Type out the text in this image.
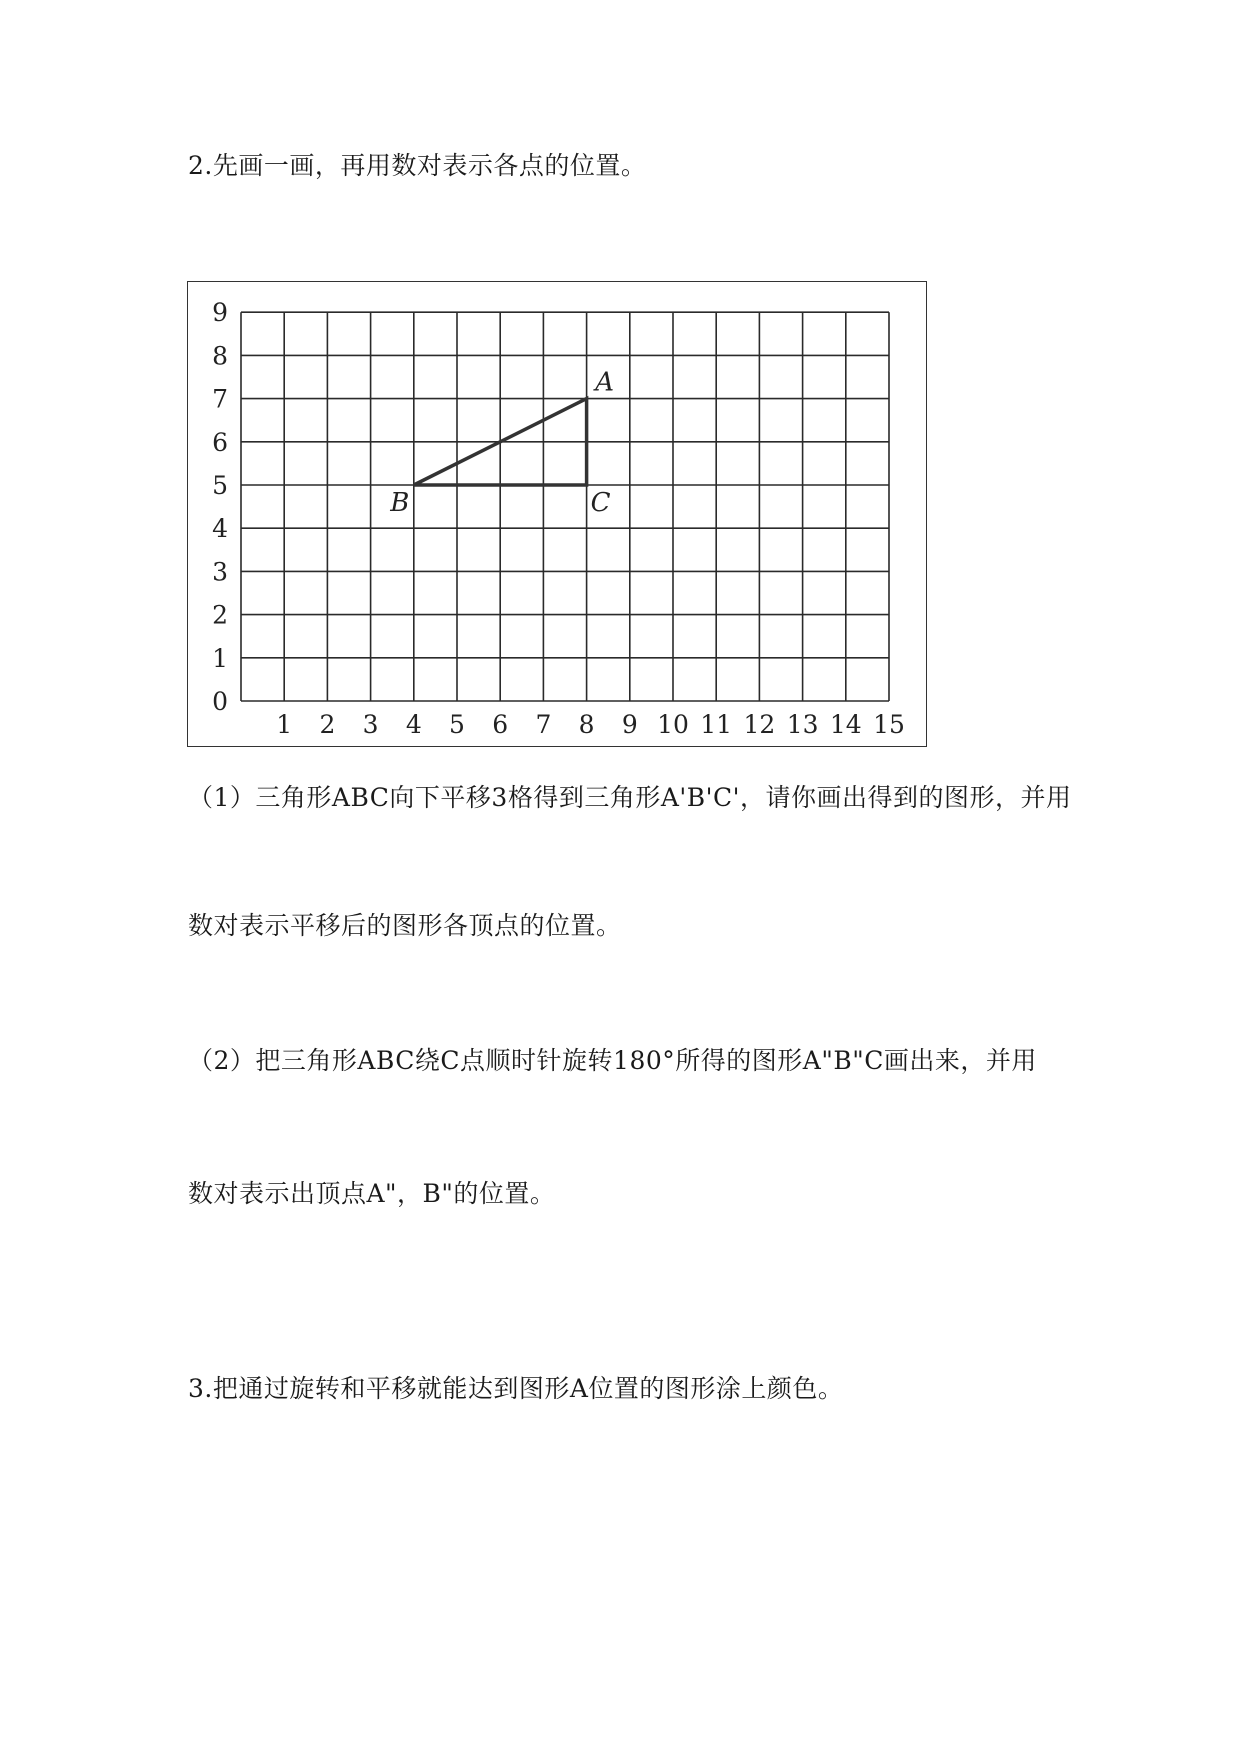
2.先画一画，再用数对表示各点的位置。
1 2 3 4 5 6 7 8 9 10 11 12 13 14 15
0
1
2
3
4
5
6
7
8
9
A
B	C
（1）三角形ABC向下平移3格得到三角形A'B'C'，请你画出得到的图形，并用
数对表示平移后的图形各顶点的位置。
（2）把三角形ABC绕C点顺时针旋转180°所得的图形A"B"C画出来，并用
数对表示出顶点A"，B"的位置。
3.把通过旋转和平移就能达到图形A位置的图形涂上颜色。
